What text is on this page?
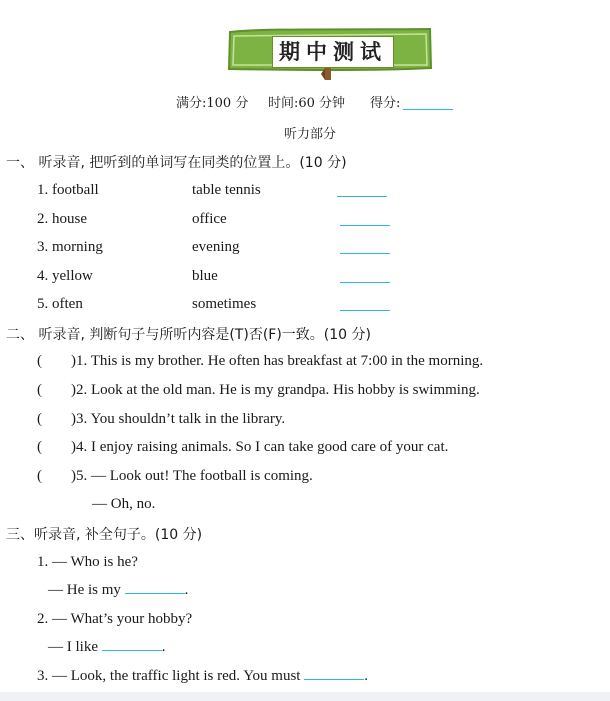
期中测试
满分:100 分 时间:60 分钟 得分:
听力部分
一、 听录音, 把听到的单词写在同类的位置上。(10 分)
1. football	table tennis
2. house	office
3. morning	evening
4. yellow	blue
5. often	sometimes
二、 听录音, 判断句子与所听内容是(T)否(F)一致。(10 分)
( )1. This is my brother. He often has breakfast at 7:00 in the morning.
( )2. Look at the old man. He is my grandpa. His hobby is swimming.
( )3. You shouldn’t talk in the library.
( )4. I enjoy raising animals. So I can take good care of your cat.
( )5. — Look out! The football is coming.
— Oh, no.
三、听录音, 补全句子。(10 分)
1. — Who is he?
— He is my	.
2. — What’s your hobby?
— I like	.
3. — Look, the traffic light is red. You must	.
